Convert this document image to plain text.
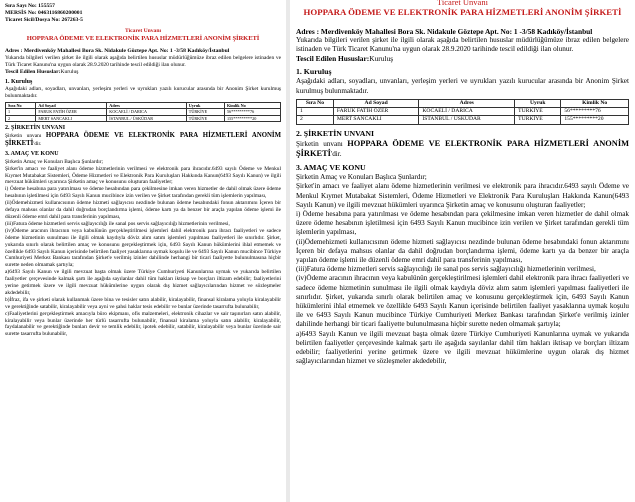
Sıra Sayı No: 155557
MERSİS No: 0463116860200001
Ticaret Sicil/Dosya No: 267263-5
Ticaret Unvanı
HOPPARA ÖDEME VE ELEKTRONİK PARA HİZMETLERİ ANONİM ŞİRKETİ
Adres : Merdivenköy Mahallesi Bora Sk. Nidakule Göztepe Apt. No: 1 -3/58 Kadıköy/İstanbul

Yukarıda bilgileri verilen şirket ile ilgili olarak aşağıda belirtilen hususlar müdürlüğümüze ibraz edilen belgelere istinaden ve Türk Ticaret Kanunu'na uygun olarak 28.9.2020 tarihinde tescil edildiği ilan olunur.

Tescil Edilen Hususlar:Kuruluş
1. Kuruluş

Aşağıdaki adları, soyadları, unvanları, yerleşim yerleri ve uyrukları yazılı kurucular arasında bir Anonim Şirket kurulmuş bulunmaktadır.

Sıra No	Ad Soyad	Adres	Uyruk	Kimlik No
1	FARUK FATİH ÖZER	KOCAELİ / DARICA	TÜRKİYE	56*********76
2	MERT SANCAKLI	İSTANBUL / ÜSKÜDAR	TÜRKİYE	155*********20
2. ŞİRKETİN UNVANI

Şirketin unvanı HOPPARA ÖDEME VE ELEKTRONİK PARA HİZMETLERİ ANONİM ŞİRKETİ'dir.

3. AMAÇ VE KONU

Şirketin Amaç ve Konuları Başlıca Şunlardır;

Şirket'in amacı ve faaliyet alanı ödeme hizmetlerinin verilmesi ve elektronik para ihracıdır.6493 sayılı Ödeme ve Menkul Kıymet Mutabakat Sistemleri, Ödeme Hizmetleri ve Elektronik Para Kuruluşları Hakkında Kanun(6493 Sayılı Kanun) ve ilgili mevzuat hükümleri uyarınca Şirketin amaç ve konusunu oluşturan faaliyetler;

i) Ödeme hesabına para yatırılması ve ödeme hesabından para çekilmesine imkan veren hizmetler de dahil olmak üzere ödeme hesabının işletilmesi için 6493 Sayılı Kanun mucibince izin verilen ve Şirket tarafından gerekli tüm işlemlerin yapılması,

(ii)Ödemehizmeti kullanıcısının ödeme hizmeti sağlayıcısı nezdinde bulunan ödeme hesabındaki fonun aktarımını İçeren bir defaya mahsus olanlar da dahil doğrudan borçlandırma işlemi, ödeme kartı ya da benzer bir araçla yapılan ödeme işlemi ile düzenli ödeme emri dahil para transferinin yapılması,

(iii)Fatura ödeme hizmetleri servis sağlayıcılığı ile sanal pos servis sağlayıcılığı hizmetlerinin verilmesi,

(iv)Ödeme aracının ihracının veya kabulünün gerçekleştirilmesi işlemleri dahil elektronik para ihracı faaliyetleri ve sadece ödeme hizmetinin sunulması ile ilgili olmak kaydıyla döviz alım satım işlemleri yapılması faaliyetleri ile sınırlıdır. Şirket, yukarıda sınırlı olarak belirtilen amaç ve konusunu gerçekleştirmek için, 6493 Sayılı Kanun hükümlerini ihlal etmemek ve özellikle 6493 Sayılı Kanun içerisinde belirtilen faaliyet yasaklarına uymak koşulu ile ve 6493 Sayılı Kanun mucibince Türkiye Cumhuriyeti Merkez Bankası tarafından Şirket'e verilmiş izinler dahilinde herhangi bir ticari faaliyette bulunulmasına hiçbir surette neden olmamak şartıyla;

a)6493 Sayılı Kanun ve ilgili mevzuat başta olmak üzere Türkiye Cumhuriyeti Kanunlarına uymak ve yukarıda belirtilen faaliyetler çerçevesinde kalmak şartı ile aşağıda sayılanlar dahil tüm hakları iktisap ve borçları iltizam edebilir; faaliyetlerini yerine getirmek üzere ve ilgili mevzuat hükümlerine uygun olarak dış hizmet sağlayıcılarından hizmet ve sözleşmeler akdedebilir,

b)İfraz, ifa ve şirketi olarak kullanmak üzere bina ve tesisler satın alabilir, kiralayabilir, finansal kiralama yoluyla kiralayabilir ve gerektiğinde satabilir, kiralayabilir veya ayni ve şahsi haklar tesis edebilir ve bunlar üzerinde tasarrufta bulunabilir,

c)Faaliyetlerini gerçekleştirmek amacıyla büro ekipmanı, ofis malzemeleri, elektronik cihazlar ve sair taşınırları satın alabilir, kiralayabilir veya bunlar üzerinde her türlü tasarrufta bulunabilir, finansal kiralama yoluyla satın alabilir, kiralayabilir, faydalanabilir ve gerektiğinde bunları devir ve temlik edebilir, ipotek edebilir, satabilir, kiralayabilir veya bunlar üzerinde sair surette tasarrufta bulunabilir,

Ticaret Unvanı
HOPPARA ÖDEME VE ELEKTRONİK PARA HİZMETLERİ ANONİM ŞİRKETİ
Adres : Merdivenköy Mahallesi Bora Sk. Nidakule Göztepe Apt. No: 1 -3/58 Kadıköy/İstanbul

Yukarıda bilgileri verilen şirket ile ilgili olarak aşağıda belirtilen hususlar müdürlüğümüze ibraz edilen belgelere istinaden ve Türk Ticaret Kanunu'na uygun olarak 28.9.2020 tarihinde tescil edildiği ilan olunur.

Tescil Edilen Hususlar:Kuruluş
1. Kuruluş

Aşağıdaki adları, soyadları, unvanları, yerleşim yerleri ve uyrukları yazılı kurucular arasında bir Anonim Şirket kurulmuş bulunmaktadır.

Sıra No	Ad Soyad	Adres	Uyruk	Kimlik No
1	FARUK FATİH ÖZER	KOCAELİ / DARICA	TÜRKİYE	56*********76
2	MERT SANCAKLI	İSTANBUL / ÜSKÜDAR	TÜRKİYE	155*********20
2. ŞİRKETİN UNVANI

Şirketin unvanı HOPPARA ÖDEME VE ELEKTRONİK PARA HİZMETLERİ ANONİM ŞİRKETİ'dir.

3. AMAÇ VE KONU

Şirketin Amaç ve Konuları Başlıca Şunlardır;

Şirket'in amacı ve faaliyet alanı ödeme hizmetlerinin verilmesi ve elektronik para ihracıdır.6493 sayılı Ödeme ve Menkul Kıymet Mutabakat Sistemleri, Ödeme Hizmetleri ve Elektronik Para Kuruluşları Hakkında Kanun(6493 Sayılı Kanun) ve ilgili mevzuat hükümleri uyarınca Şirketin amaç ve konusunu oluşturan faaliyetler;

i) Ödeme hesabına para yatırılması ve ödeme hesabından para çekilmesine imkan veren hizmetler de dahil olmak üzere ödeme hesabının işletilmesi için 6493 Sayılı Kanun mucibince izin verilen ve Şirket tarafından gerekli tüm işlemlerin yapılması,

(ii)Ödemehizmeti kullanıcısının ödeme hizmeti sağlayıcısı nezdinde bulunan ödeme hesabındaki fonun aktarımını İçeren bir defaya mahsus olanlar da dahil doğrudan borçlandırma işlemi, ödeme kartı ya da benzer bir araçla yapılan ödeme işlemi ile düzenli ödeme emri dahil para transferinin yapılması,

(iii)Fatura ödeme hizmetleri servis sağlayıcılığı ile sanal pos servis sağlayıcılığı hizmetlerinin verilmesi,

(iv)Ödeme aracının ihracının veya kabulünün gerçekleştirilmesi işlemleri dahil elektronik para ihracı faaliyetleri ve sadece ödeme hizmetinin sunulması ile ilgili olmak kaydıyla döviz alım satım işlemleri yapılması faaliyetleri ile sınırlıdır. Şirket, yukarıda sınırlı olarak belirtilen amaç ve konusunu gerçekleştirmek için, 6493 Sayılı Kanun hükümlerini ihlal etmemek ve özellikle 6493 Sayılı Kanun içerisinde belirtilen faaliyet yasaklarına uymak koşulu ile ve 6493 Sayılı Kanun mucibince Türkiye Cumhuriyeti Merkez Bankası tarafından Şirket'e verilmiş izinler dahilinde herhangi bir ticari faaliyette bulunulmasına hiçbir surette neden olmamak şartıyla;

a)6493 Sayılı Kanun ve ilgili mevzuat başta olmak üzere Türkiye Cumhuriyeti Kanunlarına uymak ve yukarıda belirtilen faaliyetler çerçevesinde kalmak şartı ile aşağıda sayılanlar dahil tüm hakları iktisap ve borçları iltizam edebilir; faaliyetlerini yerine getirmek üzere ve ilgili mevzuat hükümlerine uygun olarak dış hizmet sağlayıcılarından hizmet ve sözleşmeler akdedebilir,
